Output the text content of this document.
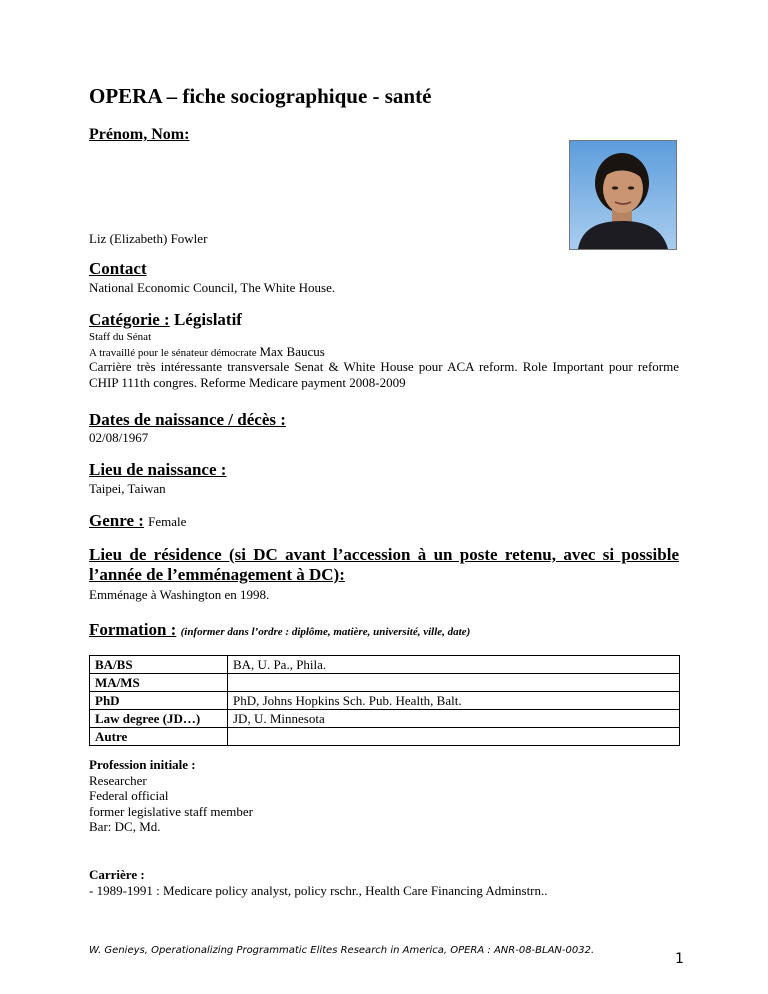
OPERA – fiche sociographique - santé

Prénom, Nom:

Liz (Elizabeth) Fowler

Contact

National Economic Council, The White House.

Catégorie : Législatif

Staff du Sénat

A travaillé pour le sénateur démocrate Max Baucus

Carrière très intéressante transversale Senat & White House pour ACA reform. Role Important pour reforme CHIP 111th congres. Reforme Medicare payment 2008-2009

Dates de naissance / décès :

02/08/1967

Lieu de naissance :

Taipei, Taiwan

Genre : Female

Lieu de résidence (si DC avant l’accession à un poste retenu, avec si possible l’année de l’emménagement à DC):

Emménage à Washington en 1998.

Formation : (informer dans l’ordre : diplôme, matière, université, ville, date)

BA/BS	BA, U. Pa., Phila.
MA/MS	
PhD	PhD, Johns Hopkins Sch. Pub. Health, Balt.
Law degree (JD…)	JD, U. Minnesota
Autre	
Profession initiale :
Researcher
Federal official
former legislative staff member
Bar: DC, Md.
Carrière :
- 1989-1991 : Medicare policy analyst, policy rschr., Health Care Financing Adminstrn..
W. Genieys, Operationalizing Programmatic Elites Research in America, OPERA : ANR-08-BLAN-0032.
1
